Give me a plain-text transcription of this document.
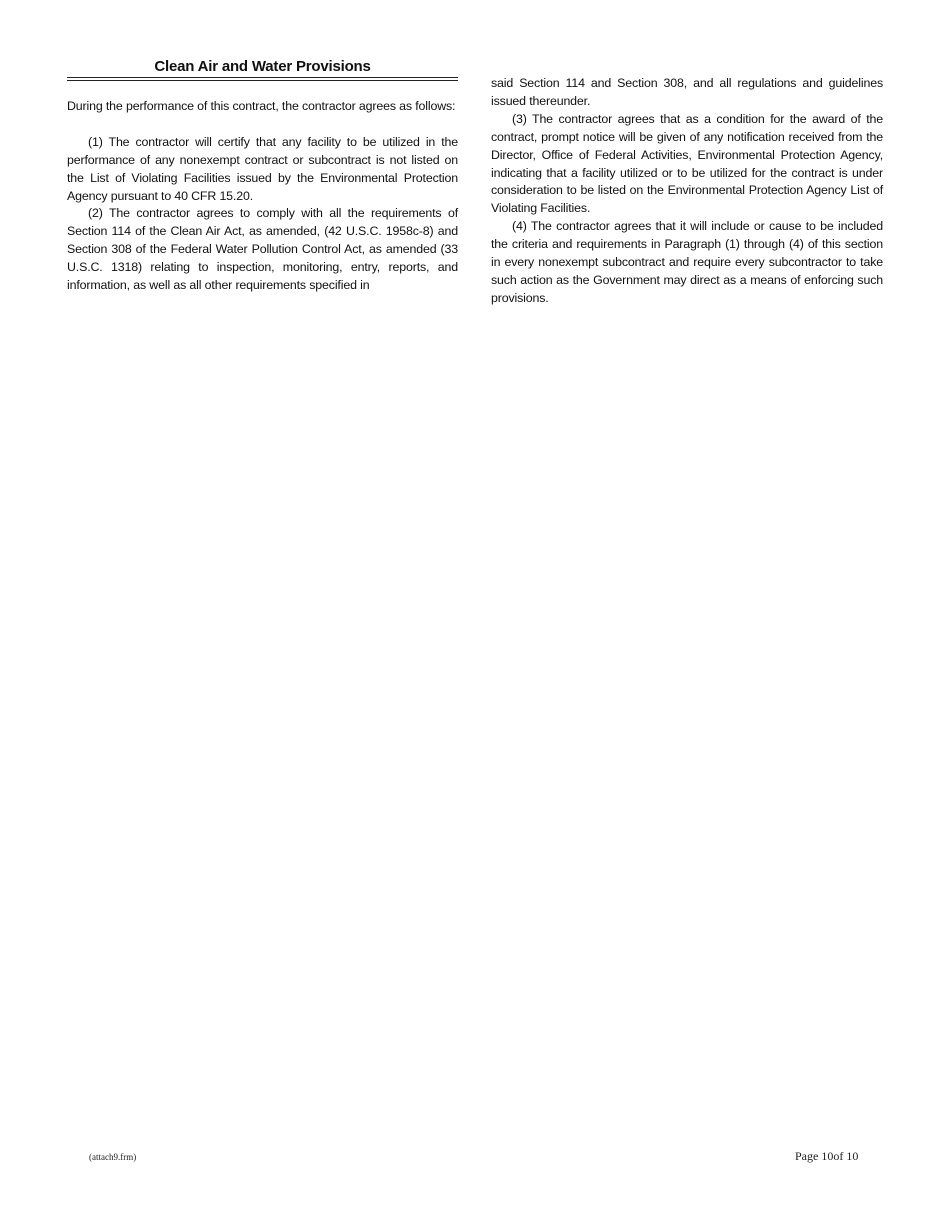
Clean Air and Water Provisions

During the performance of this contract, the contractor agrees as follows:

(1) The contractor will certify that any facility to be utilized in the performance of any nonexempt contract or subcontract is not listed on the List of Violating Facilities issued by the Environmental Protection Agency pursuant to 40 CFR 15.20.

(2) The contractor agrees to comply with all the requirements of Section 114 of the Clean Air Act, as amended, (42 U.S.C. 1958c-8) and Section 308 of the Federal Water Pollution Control Act, as amended (33 U.S.C. 1318) relating to inspection, monitoring, entry, reports, and information, as well as all other requirements specified in

said Section 114 and Section 308, and all regulations and guidelines issued thereunder.

(3) The contractor agrees that as a condition for the award of the contract, prompt notice will be given of any notification received from the Director, Office of Federal Activities, Environmental Protection Agency, indicating that a facility utilized or to be utilized for the contract is under consideration to be listed on the Environmental Protection Agency List of Violating Facilities.

(4) The contractor agrees that it will include or cause to be included the criteria and requirements in Paragraph (1) through (4) of this section in every nonexempt subcontract and require every subcontractor to take such action as the Government may direct as a means of enforcing such provisions.

(attach9.frm)	Page 10of 10
